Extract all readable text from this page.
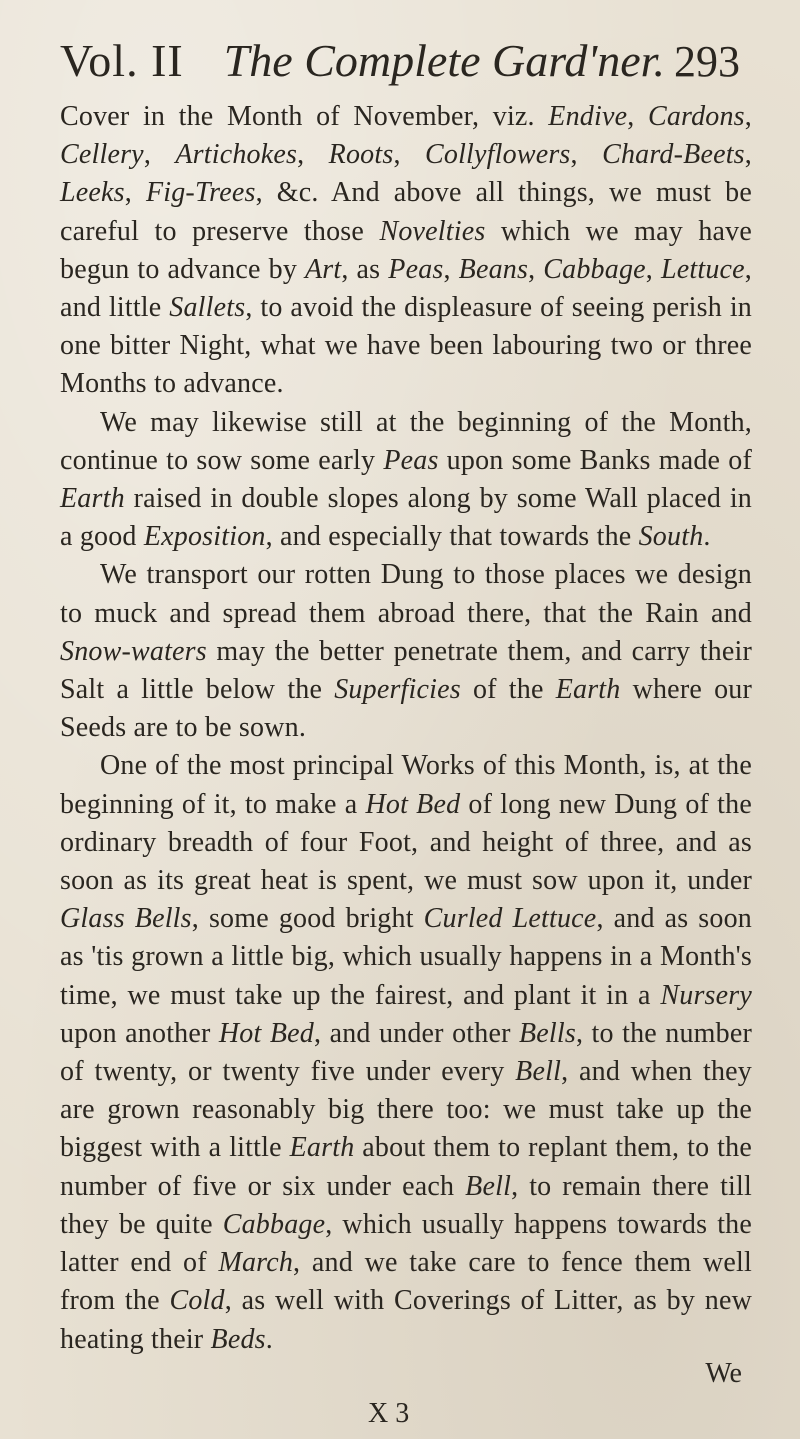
Vol. II The Complete Gard'ner. 293

Cover in the Month of November, viz. Endive, Cardons, Cellery, Artichokes, Roots, Collyflowers, Chard-Beets, Leeks, Fig-Trees, &c. And above all things, we must be careful to preserve those Novelties which we may have begun to advance by Art, as Peas, Beans, Cabbage, Lettuce, and little Sallets, to avoid the displeasure of seeing perish in one bitter Night, what we have been labouring two or three Months to advance.

We may likewise still at the beginning of the Month, continue to sow some early Peas upon some Banks made of Earth raised in double slopes along by some Wall placed in a good Exposition, and especially that towards the South.

We transport our rotten Dung to those places we design to muck and spread them abroad there, that the Rain and Snow-waters may the better penetrate them, and carry their Salt a little below the Superficies of the Earth where our Seeds are to be sown.

One of the most principal Works of this Month, is, at the beginning of it, to make a Hot Bed of long new Dung of the ordinary breadth of four Foot, and height of three, and as soon as its great heat is spent, we must sow upon it, under Glass Bells, some good bright Curled Lettuce, and as soon as 'tis grown a little big, which usually happens in a Month's time, we must take up the fairest, and plant it in a Nursery upon another Hot Bed, and under other Bells, to the number of twenty, or twenty five under every Bell, and when they are grown reasonably big there too: we must take up the biggest with a little Earth about them to replant them, to the number of five or six under each Bell, to remain there till they be quite Cabbage, which usually happens towards the latter end of March, and we take care to fence them well from the Cold, as well with Coverings of Litter, as by new heating their Beds.

We
X 3
